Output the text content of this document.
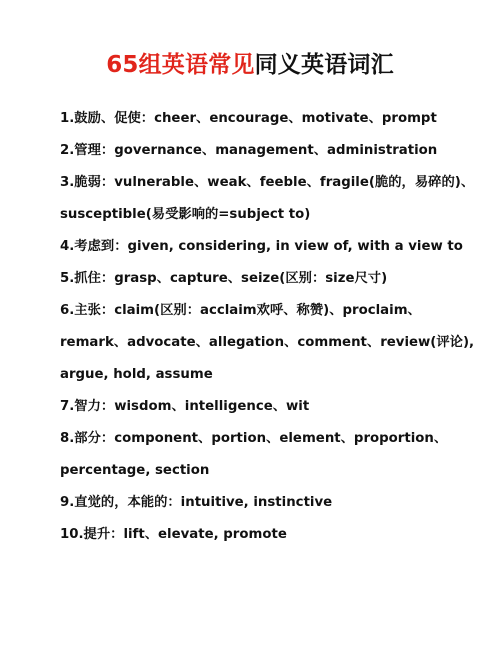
65组英语常见同义英语词汇
1.鼓励、促使：cheer、encourage、motivate、prompt
2.管理：governance、management、administration
3.脆弱：vulnerable、weak、feeble、fragile(脆的，易碎的)、
susceptible(易受影响的=subject to)
4.考虑到：given, considering, in view of, with a view to
5.抓住：grasp、capture、seize(区别：size尺寸)
6.主张：claim(区别：acclaim欢呼、称赞)、proclaim、
remark、advocate、allegation、comment、review(评论),
argue, hold, assume
7.智力：wisdom、intelligence、wit
8.部分：component、portion、element、proportion、
percentage, section
9.直觉的，本能的：intuitive, instinctive
10.提升：lift、elevate, promote
